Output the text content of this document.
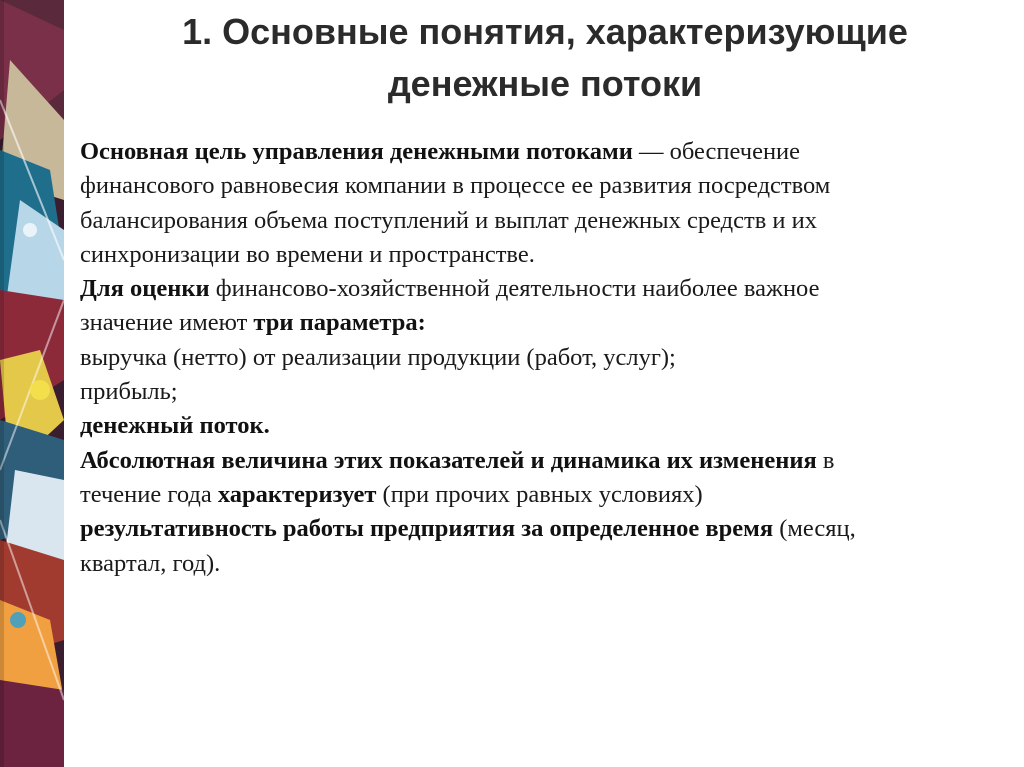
1. Основные понятия, характеризующие
денежные потоки
Основная цель управления денежными потоками — обеспечение
финансового равновесия компании в процессе ее развития посредством
балансирования объема поступлений и выплат денежных средств и их
синхронизации во времени и пространстве.
Для оценки финансово-хозяйственной деятельности наиболее важное
значение имеют три параметра:
выручка (нетто) от реализации продукции (работ, услуг);
прибыль;
денежный поток.
Абсолютная величина этих показателей и динамика их изменения в
течение года характеризует (при прочих равных условиях)
результативность работы предприятия за определенное время (месяц,
квартал, год).
